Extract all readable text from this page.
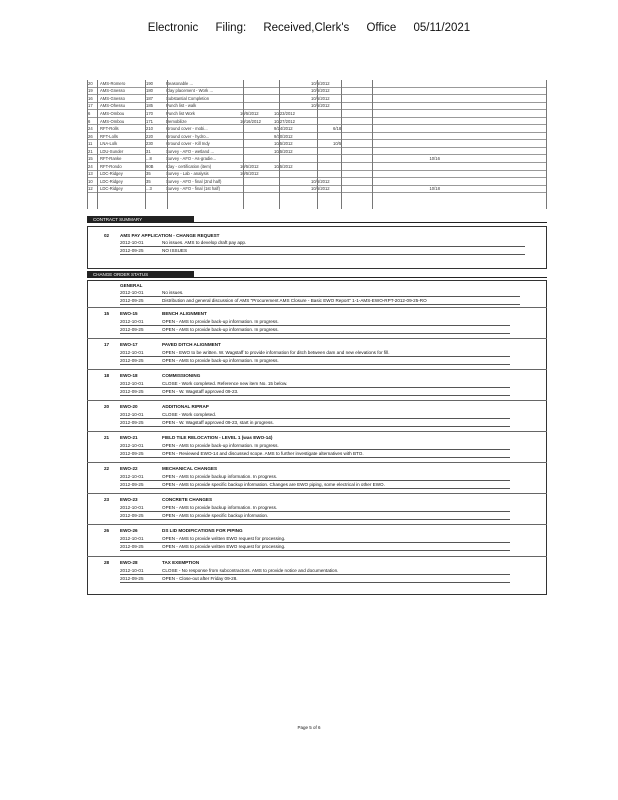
Electronic Filing: Received,Clerk's Office 05/11/2021
20	AMS-Romero	190	Reasonable ...			10/5/2012		
19	AMS-Gnesso	180	Clay placement - Work ...			10/5/2012		
16	AMS-Gnesso	187	Substantial Completion			10/5/2012		
17	AMS-Ohessu	185	Punch list - walk			10/5/2012		
6	AMS-Ombou	170	Punch list Work	10/5/2012	10/23/2012			
6	AMS-Ombou	171	Demobilize	10/16/2012	10/27/2012			
24	RFT-Rolls	210	Ground cover - mobi...		9/24/2012		6/18	
26	RFT-Lolls	220	Ground cover - hydro...		9/30/2012			
11	LNA-Lolk	230	Ground cover - Kill Indy		10/5/2012		10/5	
21	LDU-Sunder	31	Survey - AFO - wetland ...		10/5/2012			
15	RFT-Ranke	...8	Survey - AFO - As-gradie...					10/16
24	RFT-Rondo	90B	Clay - certification (item)	10/5/2012	10/5/2012			
13	LDC-Ridgey	35	Survey - Lab - analysis	10/5/2012				
10	LDC-Ridgey	35	Survey - AFO - final (2nd half)			10/5/2012		
12	LDC-Ridgey	...3	Survey - AFO - final (1st half)			10/5/2012		10/18
CONTRACT SUMMARY
02 AMS PAY APPLICATION - CHANGE REQUEST
2012-10-01	No issues. AMS to develop draft pay app.
2012-09-25	NO ISSUES
CHANGE ORDER STATUS
GENERAL
2012-10-01	No issues.
2012-09-25	Distribution and general discussion of AMS "Procurement AMS Closure - Basic EWO Report" 1-1-AMS-EWO-RPT-2012-09-25-RO
15 EWO-15	BENCH ALIGNMENT
2012-10-01	OPEN - AMS to provide back-up information. In progress.
2012-09-25	OPEN - AMS to provide back-up information. In progress.
17 EWO-17	PAVED DITCH ALIGNMENT
2012-10-01	OPEN - EWO to be written. W. Wagstaff to provide information for ditch between dam and new elevations for fill.
2012-09-25	OPEN - AMS to provide back-up information. In progress.
18 EWO-18	COMMISSIONING
2012-10-01	CLOSE - Work completed. Reference new item No. 15 below.
2012-09-25	OPEN - W. Wagstaff approved 09-23.
20 EWO-20	ADDITIONAL RIPRAP
2012-10-01	CLOSE - Work completed.
2012-09-25	OPEN - W. Wagstaff approved 09-23, start in progress.
21 EWO-21	FIELD TILE RELOCATION - LEVEL 1 (was EWO-14)
2012-10-01	OPEN - AMS to provide back-up information. In progress.
2012-09-25	OPEN - Reviewed EWO-14 and discussed scope. AMS to further investigate alternatives with BTO.
22 EWO-22	MECHANICAL CHANGES
2012-10-01	OPEN - AMS to provide backup information. In progress.
2012-09-25	OPEN - AMS to provide specific backup information. Changes are EWO piping, some electrical in other EWO.
23 EWO-23	CONCRETE CHANGES
2012-10-01	OPEN - AMS to provide backup information. In progress.
2012-09-25	OPEN - AMS to provide specific backup information.
26 EWO-26	DS LID MODIFICATIONS FOR PIPING
2012-10-01	OPEN - AMS to provide written EWO request for processing.
2012-09-25	OPEN - AMS to provide written EWO request for processing.
28 EWO-28	TAX EXEMPTION
2012-10-01	CLOSE - No response from subcontractors. AMS to provide notice and documentation.
2012-09-25	OPEN - Close-out after Friday 09-28.
Page 5 of 6
